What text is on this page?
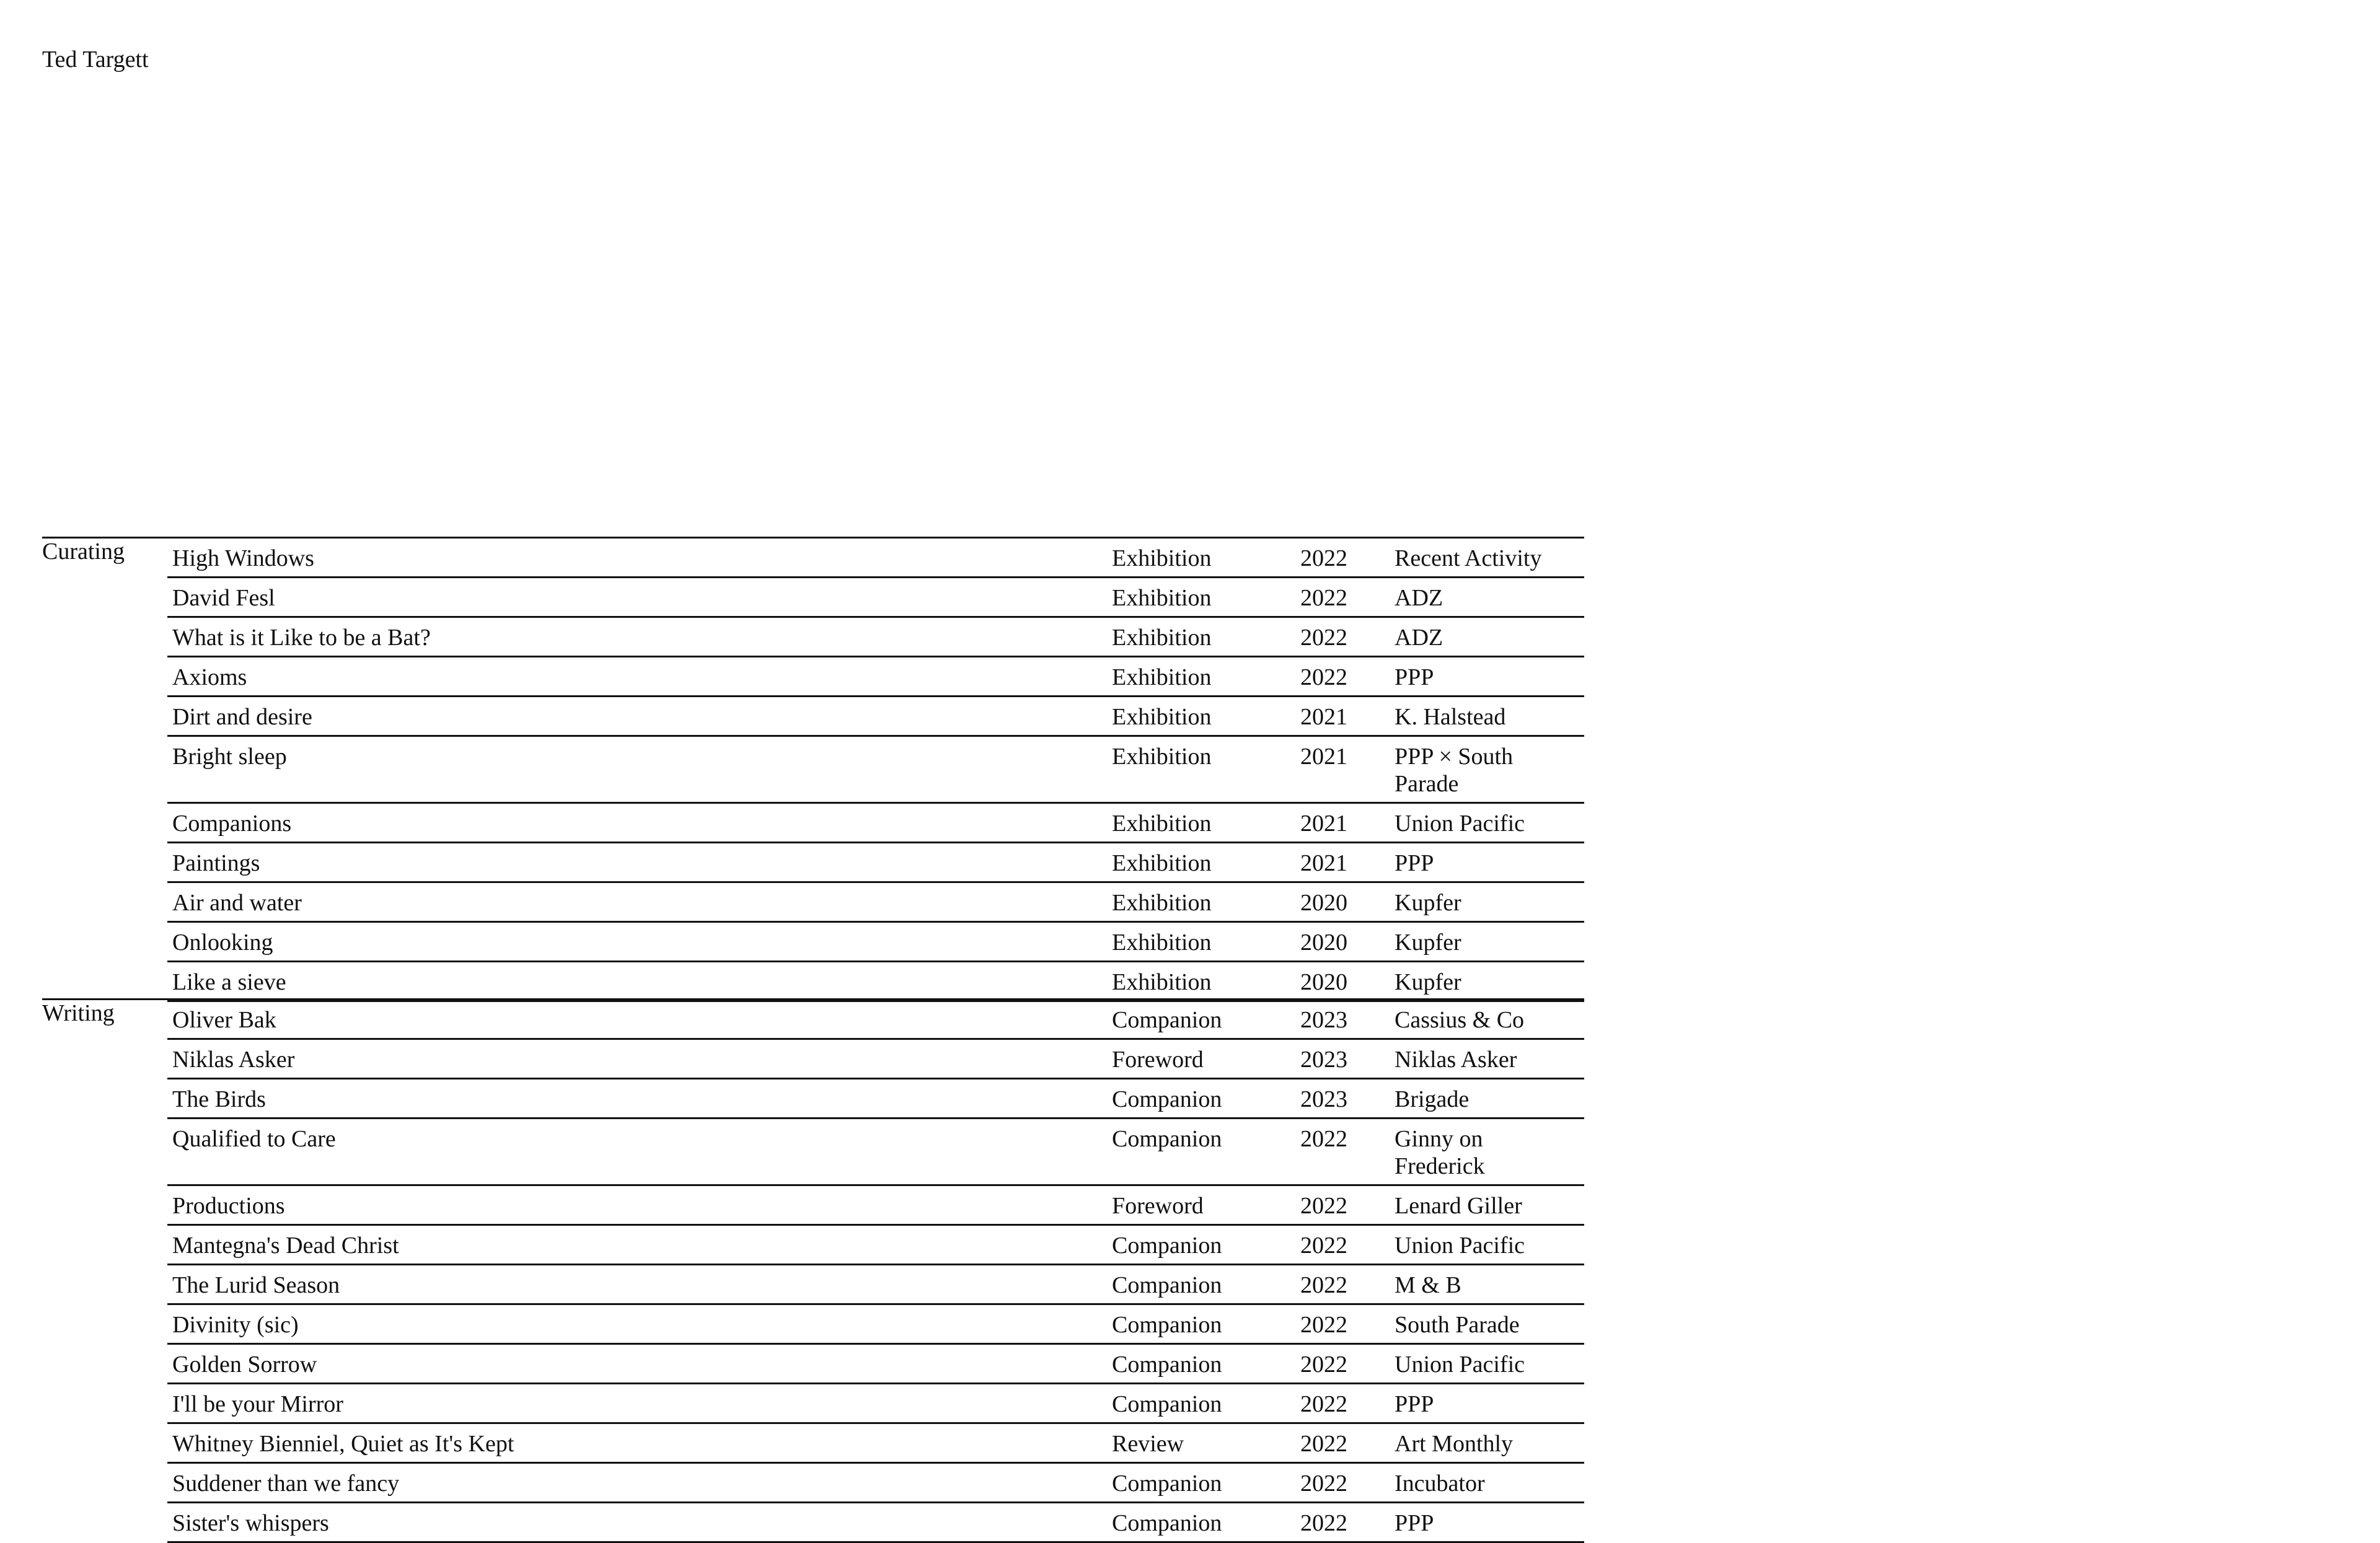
Ted Targett
Curating	High Windows	Exhibition	2022	Recent Activity
David Fesl	Exhibition	2022	ADZ
What is it Like to be a Bat?	Exhibition	2022	ADZ
Axioms	Exhibition	2022	PPP
Dirt and desire	Exhibition	2021	K. Halstead
Bright sleep	Exhibition	2021	PPP × South Parade
Companions	Exhibition	2021	Union Pacific
Paintings	Exhibition	2021	PPP
Air and water	Exhibition	2020	Kupfer
Onlooking	Exhibition	2020	Kupfer
Like a sieve	Exhibition	2020	Kupfer
Writing	Oliver Bak	Companion	2023	Cassius & Co
Niklas Asker	Foreword	2023	Niklas Asker
The Birds	Companion	2023	Brigade
Qualified to Care	Companion	2022	Ginny on Frederick
Productions	Foreword	2022	Lenard Giller
Mantegna's Dead Christ	Companion	2022	Union Pacific
The Lurid Season	Companion	2022	M & B
Divinity (sic)	Companion	2022	South Parade
Golden Sorrow	Companion	2022	Union Pacific
I'll be your Mirror	Companion	2022	PPP
Whitney Bienniel, Quiet as It's Kept	Review	2022	Art Monthly
Suddener than we fancy	Companion	2022	Incubator
Sister's whispers	Companion	2022	PPP
